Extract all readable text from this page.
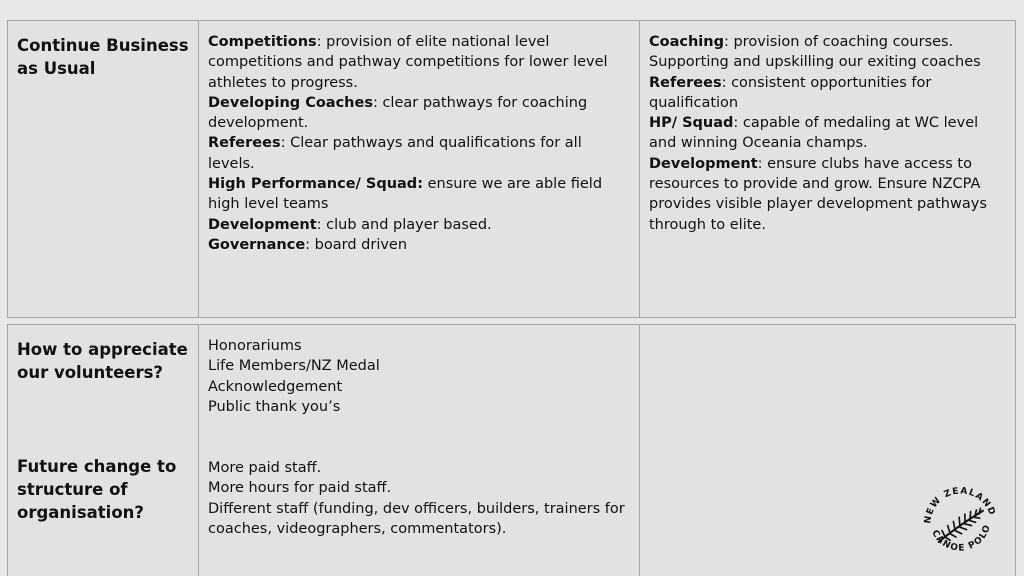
Continue Business as Usual

Competitions: provision of elite national level competitions and pathway competitions for lower level athletes to progress.

Developing Coaches: clear pathways for coaching development.

Referees: Clear pathways and qualifications for all levels.

High Performance/ Squad: ensure we are able field high level teams

Development: club and player based.

Governance: board driven

Coaching: provision of coaching courses. Supporting and upskilling our exiting coaches

Referees: consistent opportunities for qualification

HP/ Squad: capable of medaling at WC level and winning Oceania champs.

Development: ensure clubs have access to resources to provide and grow. Ensure NZCPA provides visible player development pathways through to elite.

How to appreciate our volunteers?
Future change to structure of organisation?

Honorariums

Life Members/NZ Medal

Acknowledgement

Public thank you’s

More paid staff.

More hours for paid staff.

Different staff (funding, dev officers, builders, trainers for coaches, videographers, commentators).

NEW ZEALAND
CANOE POLO
